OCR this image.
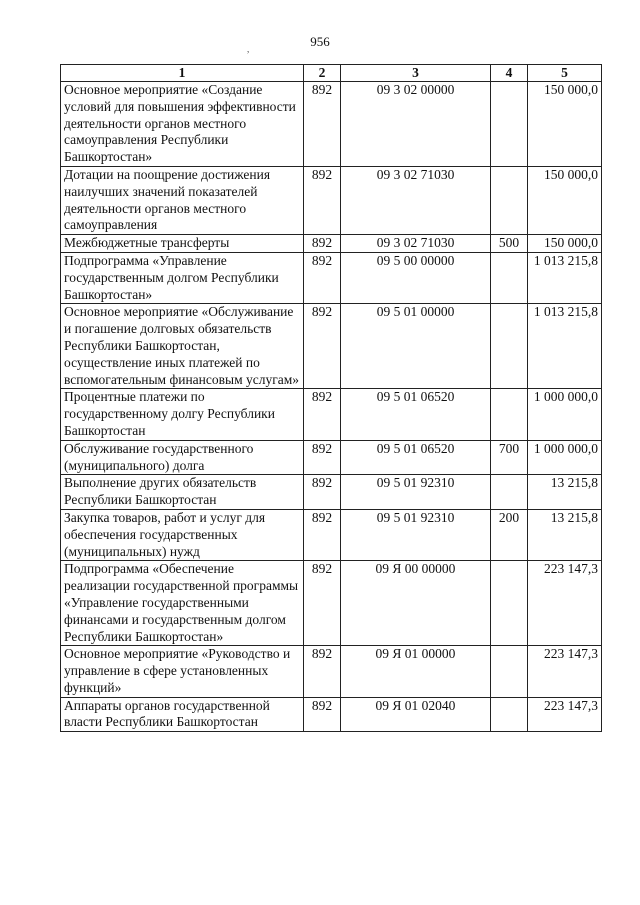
956
,
1	2	3	4	5
Основное мероприятие «Создание условий для повышения эффективности деятельности органов местного самоуправления Республики Башкортостан»	892	09 3 02 00000		150 000,0
Дотации на поощрение достижения наилучших значений показателей деятельности органов местного самоуправления	892	09 3 02 71030		150 000,0
Межбюджетные трансферты	892	09 3 02 71030	500	150 000,0
Подпрограмма «Управление государственным долгом Республики Башкортостан»	892	09 5 00 00000		1 013 215,8
Основное мероприятие «Обслуживание и погашение долговых обязательств Республики Башкортостан, осуществление иных платежей по вспомогательным финансовым услугам»	892	09 5 01 00000		1 013 215,8
Процентные платежи по государственному долгу Республики Башкортостан	892	09 5 01 06520		1 000 000,0
Обслуживание государственного (муниципального) долга	892	09 5 01 06520	700	1 000 000,0
Выполнение других обязательств Республики Башкортостан	892	09 5 01 92310		13 215,8
Закупка товаров, работ и услуг для обеспечения государственных (муниципальных) нужд	892	09 5 01 92310	200	13 215,8
Подпрограмма «Обеспечение реализации государственной программы «Управление государственными финансами и государственным долгом Республики Башкортостан»	892	09 Я 00 00000		223 147,3
Основное мероприятие «Руководство и управление в сфере установленных функций»	892	09 Я 01 00000		223 147,3
Аппараты органов государственной власти Республики Башкортостан	892	09 Я 01 02040		223 147,3
